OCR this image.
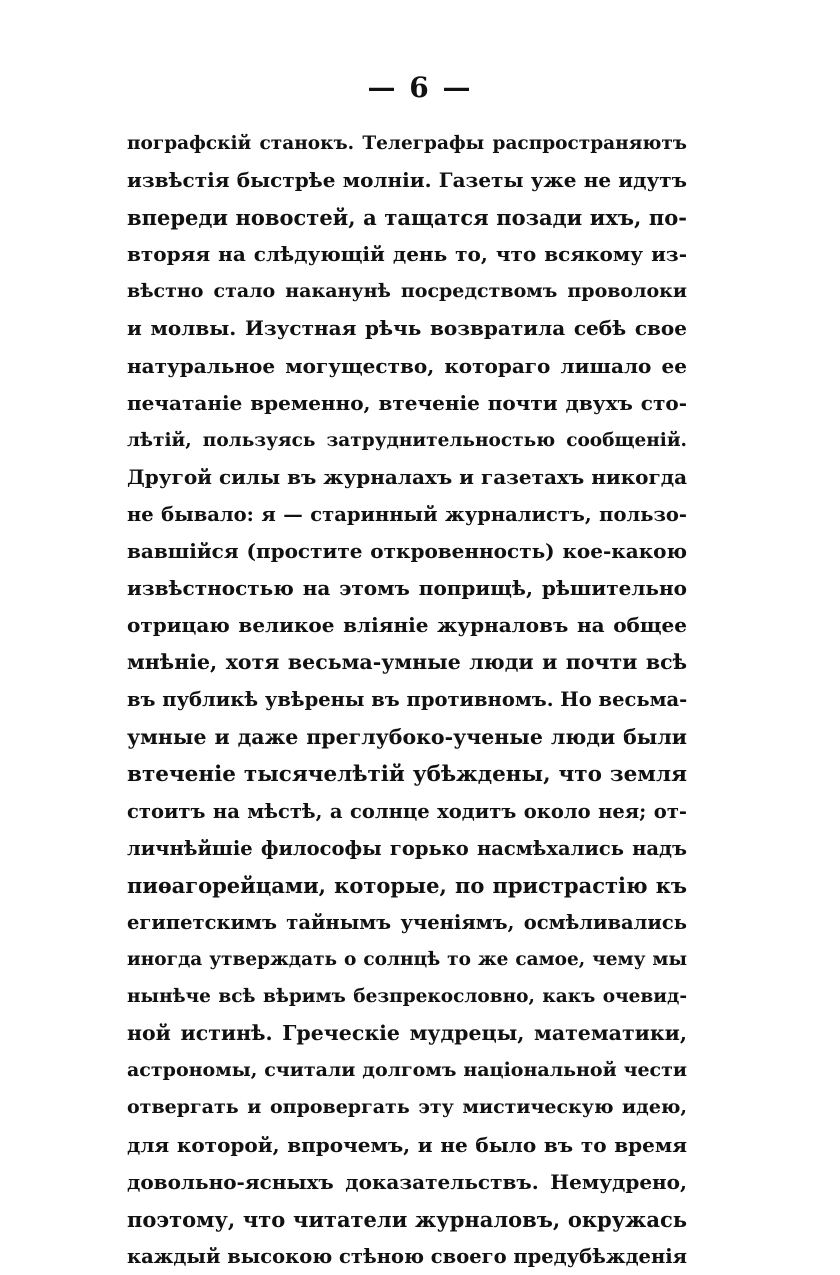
— 6 —
пографскій станокъ. Телеграфы распространяютъ
извѣстія быстрѣе молніи. Газеты уже не идутъ
впереди новостей, а тащатся позади ихъ, по-
вторяя на слѣдующій день то, что всякому из-
вѣстно стало наканунѣ посредствомъ проволоки
и молвы. Изустная рѣчь возвратила себѣ свое
натуральное могущество, котораго лишало ее
печатаніе временно, втеченіе почти двухъ сто-
лѣтій, пользуясь затруднительностью сообщеній.
Другой силы въ журналахъ и газетахъ никогда
не бывало: я — старинный журналистъ, пользо-
вавшійся (простите откровенность) кое-какою
извѣстностью на этомъ поприщѣ, рѣшительно
отрицаю великое вліяніе журналовъ на общее
мнѣніе, хотя весьма-умные люди и почти всѣ
въ публикѣ увѣрены въ противномъ. Но весьма-
умные и даже преглубоко-ученые люди были
втеченіе тысячелѣтій убѣждены, что земля
стоитъ на мѣстѣ, а солнце ходитъ около нея; от-
личнѣйшіе философы горько насмѣхались надъ
пиѳагорейцами, которые, по пристрастію къ
египетскимъ тайнымъ ученіямъ, осмѣливались
иногда утверждать о солнцѣ то же самое, чему мы
нынѣче всѣ вѣримъ безпрекословно, какъ очевид-
ной истинѣ. Греческіе мудрецы, математики,
астрономы, считали долгомъ національной чести
отвергать и опровергать эту мистическую идею,
для которой, впрочемъ, и не было въ то время
довольно-ясныхъ доказательствъ. Немудрено,
поэтому, что читатели журналовъ, окружась
каждый высокою стѣною своего предубѣжденія
